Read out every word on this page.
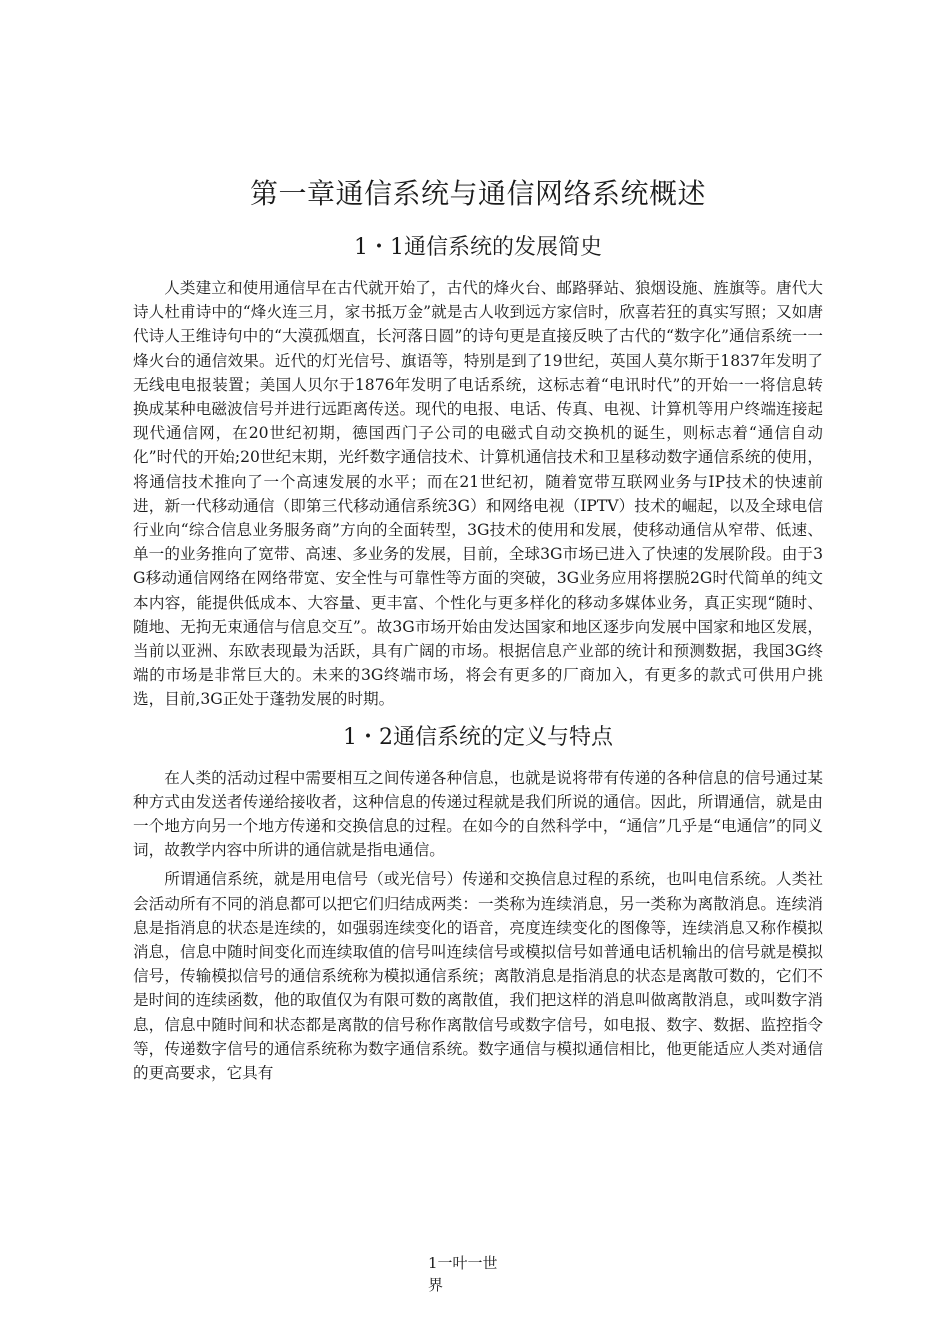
第一章通信系统与通信网络系统概述
1・1通信系统的发展简史

人类建立和使用通信早在古代就开始了，古代的烽火台、邮路驿站、狼烟设施、旌旗等。唐代大诗人杜甫诗中的“烽火连三月，家书抵万金”就是古人收到远方家信时，欣喜若狂的真实写照；又如唐代诗人王维诗句中的“大漠孤烟直，长河落日圆”的诗句更是直接反映了古代的“数字化”通信系统一一烽火台的通信效果。近代的灯光信号、旗语等，特别是到了19世纪，英国人莫尔斯于1837年发明了无线电电报装置；美国人贝尔于1876年发明了电话系统，这标志着“电讯时代”的开始一一将信息转换成某种电磁波信号并进行远距离传送。现代的电报、电话、传真、电视、计算机等用户终端连接起现代通信网，在20世纪初期，德国西门子公司的电磁式自动交换机的诞生，则标志着“通信自动化”时代的开始;20世纪末期，光纤数字通信技术、计算机通信技术和卫星移动数字通信系统的使用，将通信技术推向了一个高速发展的水平；而在21世纪初，随着宽带互联网业务与IP技术的快速前进，新一代移动通信（即第三代移动通信系统3G）和网络电视（IPTV）技术的崛起，以及全球电信行业向“综合信息业务服务商”方向的全面转型，3G技术的使用和发展，使移动通信从窄带、低速、单一的业务推向了宽带、高速、多业务的发展，目前，全球3G市场已进入了快速的发展阶段。由于3G移动通信网络在网络带宽、安全性与可靠性等方面的突破，3G业务应用将摆脱2G时代简单的纯文本内容，能提供低成本、大容量、更丰富、个性化与更多样化的移动多媒体业务，真正实现“随时、随地、无拘无束通信与信息交互”。故3G市场开始由发达国家和地区逐步向发展中国家和地区发展，当前以亚洲、东欧表现最为活跃，具有广阔的市场。根据信息产业部的统计和预测数据，我国3G终端的市场是非常巨大的。未来的3G终端市场，将会有更多的厂商加入，有更多的款式可供用户挑选，目前,3G正处于蓬勃发展的时期。

1・2通信系统的定义与特点

在人类的活动过程中需要相互之间传递各种信息，也就是说将带有传递的各种信息的信号通过某种方式由发送者传递给接收者，这种信息的传递过程就是我们所说的通信。因此，所谓通信，就是由一个地方向另一个地方传递和交换信息的过程。在如今的自然科学中，“通信”几乎是“电通信”的同义词，故教学内容中所讲的通信就是指电通信。

所谓通信系统，就是用电信号（或光信号）传递和交换信息过程的系统，也叫电信系统。人类社会活动所有不同的消息都可以把它们归结成两类：一类称为连续消息，另一类称为离散消息。连续消息是指消息的状态是连续的，如强弱连续变化的语音，亮度连续变化的图像等，连续消息又称作模拟消息，信息中随时间变化而连续取值的信号叫连续信号或模拟信号如普通电话机输出的信号就是模拟信号，传输模拟信号的通信系统称为模拟通信系统；离散消息是指消息的状态是离散可数的，它们不是时间的连续函数，他的取值仅为有限可数的离散值，我们把这样的消息叫做离散消息，或叫数字消息，信息中随时间和状态都是离散的信号称作离散信号或数字信号，如电报、数字、数据、监控指令等，传递数字信号的通信系统称为数字通信系统。数字通信与模拟通信相比，他更能适应人类对通信的更高要求，它具有

1一叶一世
界
